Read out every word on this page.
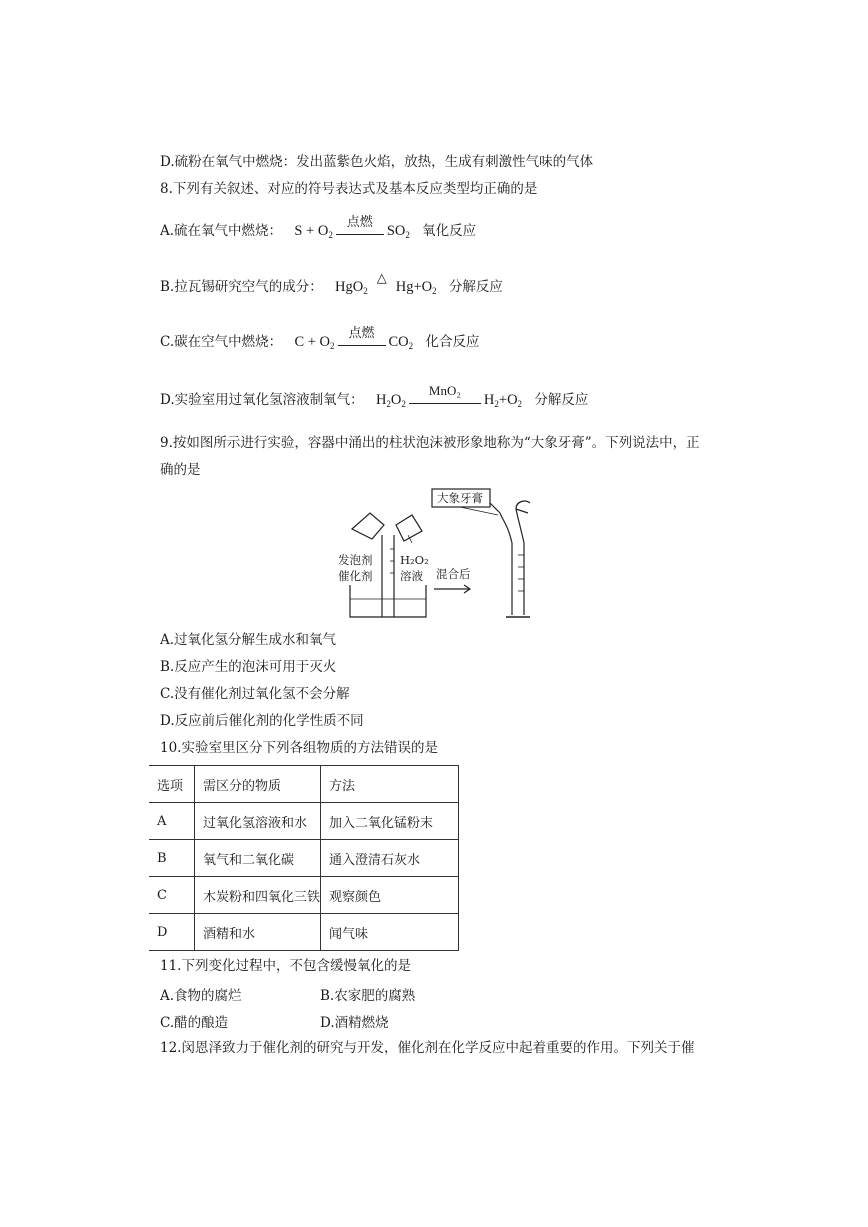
D.硫粉在氧气中燃烧：发出蓝紫色火焰，放热，生成有刺激性气味的气体
8.下列有关叙述、对应的符号表达式及基本反应类型均正确的是
A.硫在氧气中燃烧： $S + O_2$
点燃
$SO_2$ 氧化反应
B.拉瓦锡研究空气的成分： HgO$_2$
△
$Hg+O_2$ 分解反应
C.碳在空气中燃烧： $C + O_2$
点燃
$CO_2$ 化合反应
D.实验室用过氧化氢溶液制氧气： $H_2O_2$
MnO₂
$H_2+O_2$ 分解反应
9.按如图所示进行实验，容器中涌出的柱状泡沫被形象地称为“大象牙膏”。下列说法中，正
确的是
大象牙膏
发泡剂
催化剂
H₂O₂
溶液 混合后
A.过氧化氢分解生成水和氧气
B.反应产生的泡沫可用于灭火
C.没有催化剂过氧化氢不会分解
D.反应前后催化剂的化学性质不同
10.实验室里区分下列各组物质的方法错误的是
选项	需区分的物质	方法
A	过氧化氢溶液和水	加入二氧化锰粉末
B	氧气和二氧化碳	通入澄清石灰水
C	木炭粉和四氧化三铁	观察颜色
D	酒精和水	闻气味
11.下列变化过程中，不包含缓慢氧化的是
A.食物的腐烂	B.农家肥的腐熟
C.醋的酿造	D.酒精燃烧
12.闵恩泽致力于催化剂的研究与开发，催化剂在化学反应中起着重要的作用。下列关于催
